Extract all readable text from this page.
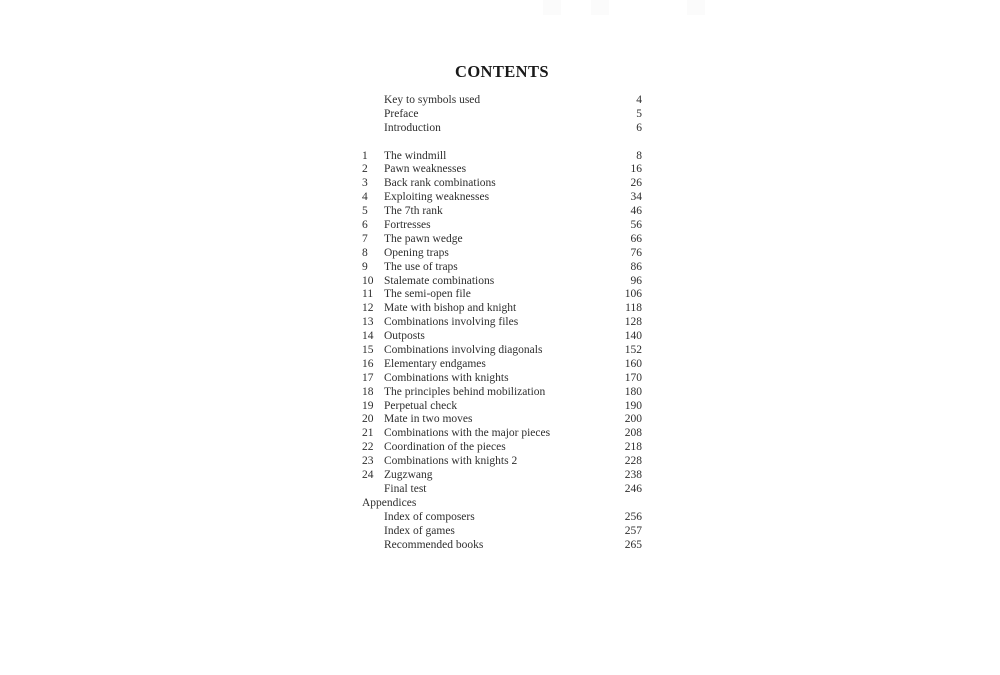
CONTENTS
Key to symbols used	4
Preface	5
Introduction	6
1	The windmill	8
2	Pawn weaknesses	16
3	Back rank combinations	26
4	Exploiting weaknesses	34
5	The 7th rank	46
6	Fortresses	56
7	The pawn wedge	66
8	Opening traps	76
9	The use of traps	86
10 Stalemate combinations	96
11 The semi-open file	106
12 Mate with bishop and knight	118
13 Combinations involving files	128
14 Outposts	140
15 Combinations involving diagonals	152
16 Elementary endgames	160
17 Combinations with knights	170
18 The principles behind mobilization	180
19 Perpetual check	190
20 Mate in two moves	200
21 Combinations with the major pieces	208
22 Coordination of the pieces	218
23 Combinations with knights 2	228
24 Zugzwang	238
Final test	246
Appendices
Index of composers	256
Index of games	257
Recommended books	265
